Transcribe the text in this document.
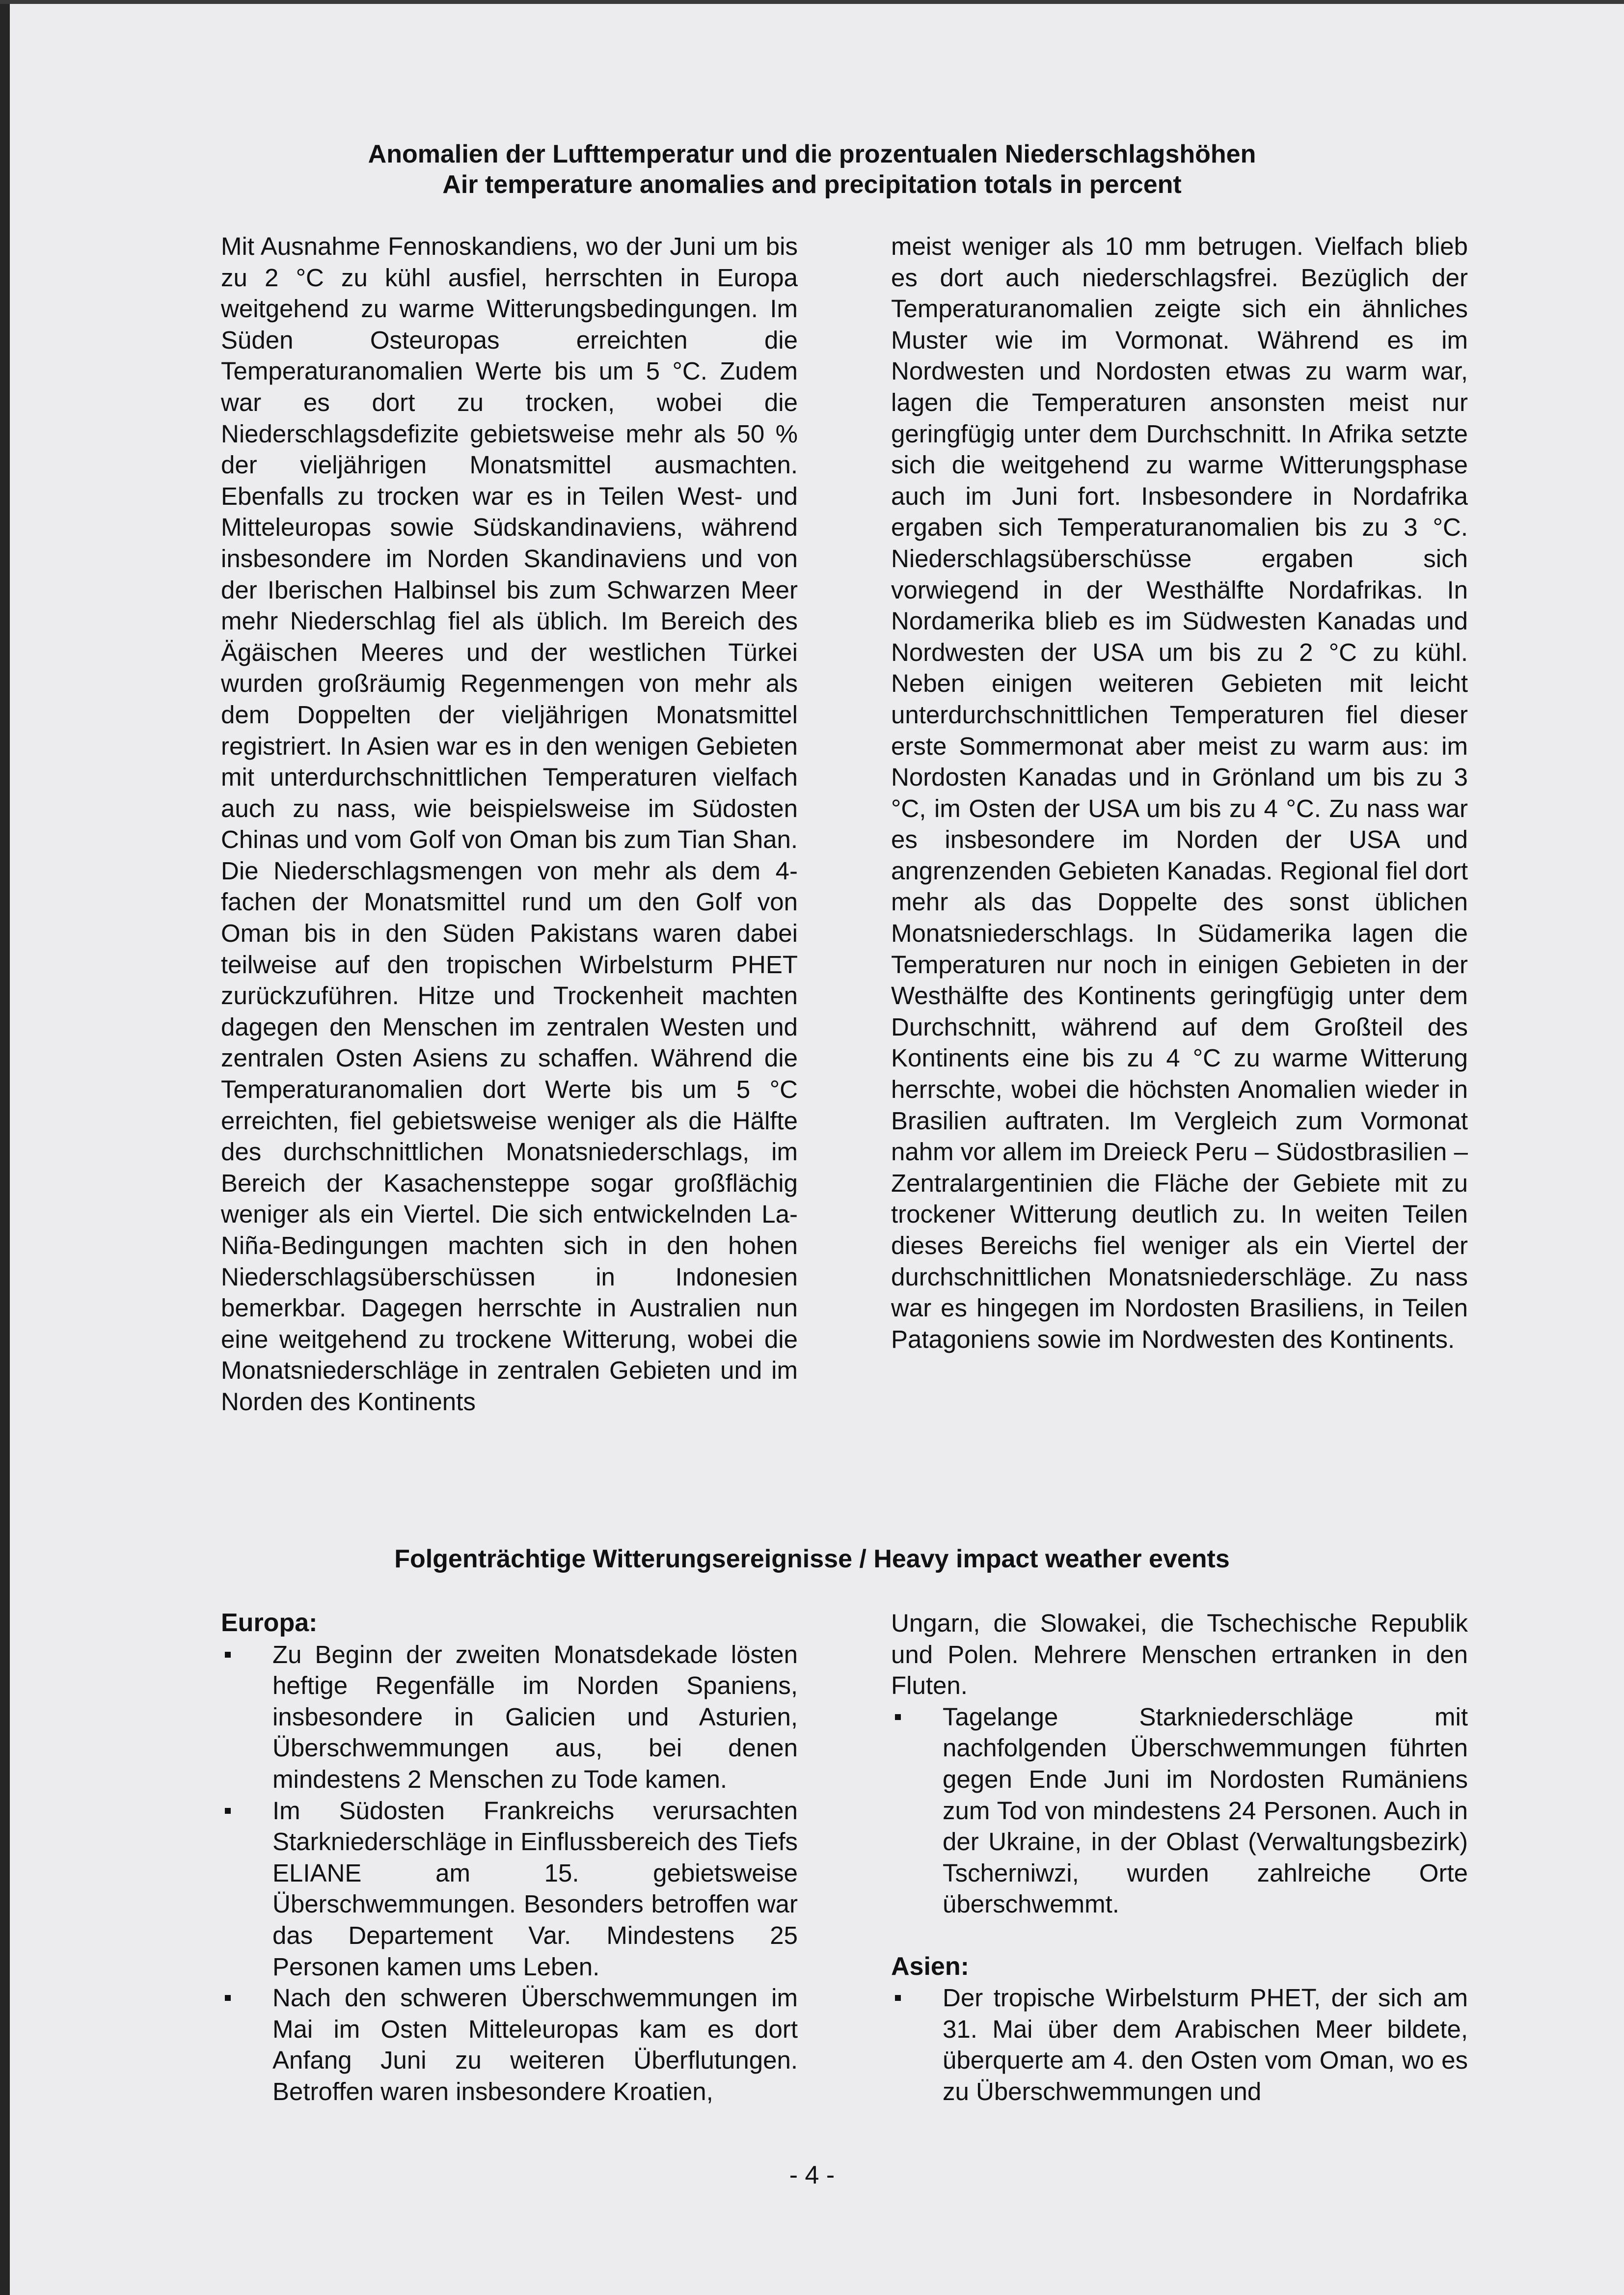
Anomalien der Lufttemperatur und die prozentualen Niederschlagshöhen
Air temperature anomalies and precipitation totals in percent

Mit Ausnahme Fennoskandiens, wo der Juni um bis zu 2 °C zu kühl ausfiel, herrschten in Europa weitgehend zu warme Witterungsbedingungen. Im Süden Osteuropas erreichten die Temperaturanomalien Werte bis um 5 °C. Zudem war es dort zu trocken, wobei die Niederschlagsdefizite gebietsweise mehr als 50 % der vieljährigen Monatsmittel ausmachten. Ebenfalls zu trocken war es in Teilen West- und Mitteleuropas sowie Südskandinaviens, während insbesondere im Norden Skandinaviens und von der Iberischen Halbinsel bis zum Schwarzen Meer mehr Niederschlag fiel als üblich. Im Bereich des Ägäischen Meeres und der westlichen Türkei wurden großräumig Regenmengen von mehr als dem Doppelten der vieljährigen Monatsmittel registriert. In Asien war es in den wenigen Gebieten mit unterdurchschnittlichen Temperaturen vielfach auch zu nass, wie beispielsweise im Südosten Chinas und vom Golf von Oman bis zum Tian Shan. Die Niederschlagsmengen von mehr als dem 4-fachen der Monatsmittel rund um den Golf von Oman bis in den Süden Pakistans waren dabei teilweise auf den tropischen Wirbelsturm PHET zurückzuführen. Hitze und Trockenheit machten dagegen den Menschen im zentralen Westen und zentralen Osten Asiens zu schaffen. Während die Temperaturanomalien dort Werte bis um 5 °C erreichten, fiel gebietsweise weniger als die Hälfte des durchschnittlichen Monatsniederschlags, im Bereich der Kasachensteppe sogar großflächig weniger als ein Viertel. Die sich entwickelnden La-Niña-Bedingungen machten sich in den hohen Niederschlagsüberschüssen in Indonesien bemerkbar. Dagegen herrschte in Australien nun eine weitgehend zu trockene Witterung, wobei die Monatsniederschläge in zentralen Gebieten und im Norden des Kontinents

meist weniger als 10 mm betrugen. Vielfach blieb es dort auch niederschlagsfrei. Bezüglich der Temperaturanomalien zeigte sich ein ähnliches Muster wie im Vormonat. Während es im Nordwesten und Nordosten etwas zu warm war, lagen die Temperaturen ansonsten meist nur geringfügig unter dem Durchschnitt. In Afrika setzte sich die weitgehend zu warme Witterungsphase auch im Juni fort. Insbesondere in Nordafrika ergaben sich Temperaturanomalien bis zu 3 °C. Niederschlagsüberschüsse ergaben sich vorwiegend in der Westhälfte Nordafrikas. In Nordamerika blieb es im Südwesten Kanadas und Nordwesten der USA um bis zu 2 °C zu kühl. Neben einigen weiteren Gebieten mit leicht unterdurchschnittlichen Temperaturen fiel dieser erste Sommermonat aber meist zu warm aus: im Nordosten Kanadas und in Grönland um bis zu 3 °C, im Osten der USA um bis zu 4 °C. Zu nass war es insbesondere im Norden der USA und angrenzenden Gebieten Kanadas. Regional fiel dort mehr als das Doppelte des sonst üblichen Monatsniederschlags. In Südamerika lagen die Temperaturen nur noch in einigen Gebieten in der Westhälfte des Kontinents geringfügig unter dem Durchschnitt, während auf dem Großteil des Kontinents eine bis zu 4 °C zu warme Witterung herrschte, wobei die höchsten Anomalien wieder in Brasilien auftraten. Im Vergleich zum Vormonat nahm vor allem im Dreieck Peru – Südostbrasilien – Zentralargentinien die Fläche der Gebiete mit zu trockener Witterung deutlich zu. In weiten Teilen dieses Bereichs fiel weniger als ein Viertel der durchschnittlichen Monatsniederschläge. Zu nass war es hingegen im Nordosten Brasiliens, in Teilen Patagoniens sowie im Nordwesten des Kontinents.

Folgenträchtige Witterungsereignisse / Heavy impact weather events

Europa:

Zu Beginn der zweiten Monatsdekade lösten heftige Regenfälle im Norden Spaniens, insbesondere in Galicien und Asturien, Überschwemmungen aus, bei denen mindestens 2 Menschen zu Tode kamen.
Im Südosten Frankreichs verursachten Starkniederschläge in Einflussbereich des Tiefs ELIANE am 15. gebietsweise Überschwemmungen. Besonders betroffen war das Departement Var. Mindestens 25 Personen kamen ums Leben.
Nach den schweren Überschwemmungen im Mai im Osten Mitteleuropas kam es dort Anfang Juni zu weiteren Überflutungen. Betroffen waren insbesondere Kroatien,

Ungarn, die Slowakei, die Tschechische Republik und Polen. Mehrere Menschen ertranken in den Fluten.

Tagelange Starkniederschläge mit nachfolgenden Überschwemmungen führten gegen Ende Juni im Nordosten Rumäniens zum Tod von mindestens 24 Personen. Auch in der Ukraine, in der Oblast (Verwaltungsbezirk) Tscherniwzi, wurden zahlreiche Orte überschwemmt.

Asien:

Der tropische Wirbelsturm PHET, der sich am 31. Mai über dem Arabischen Meer bildete, überquerte am 4. den Osten vom Oman, wo es zu Überschwemmungen und
- 4 -
